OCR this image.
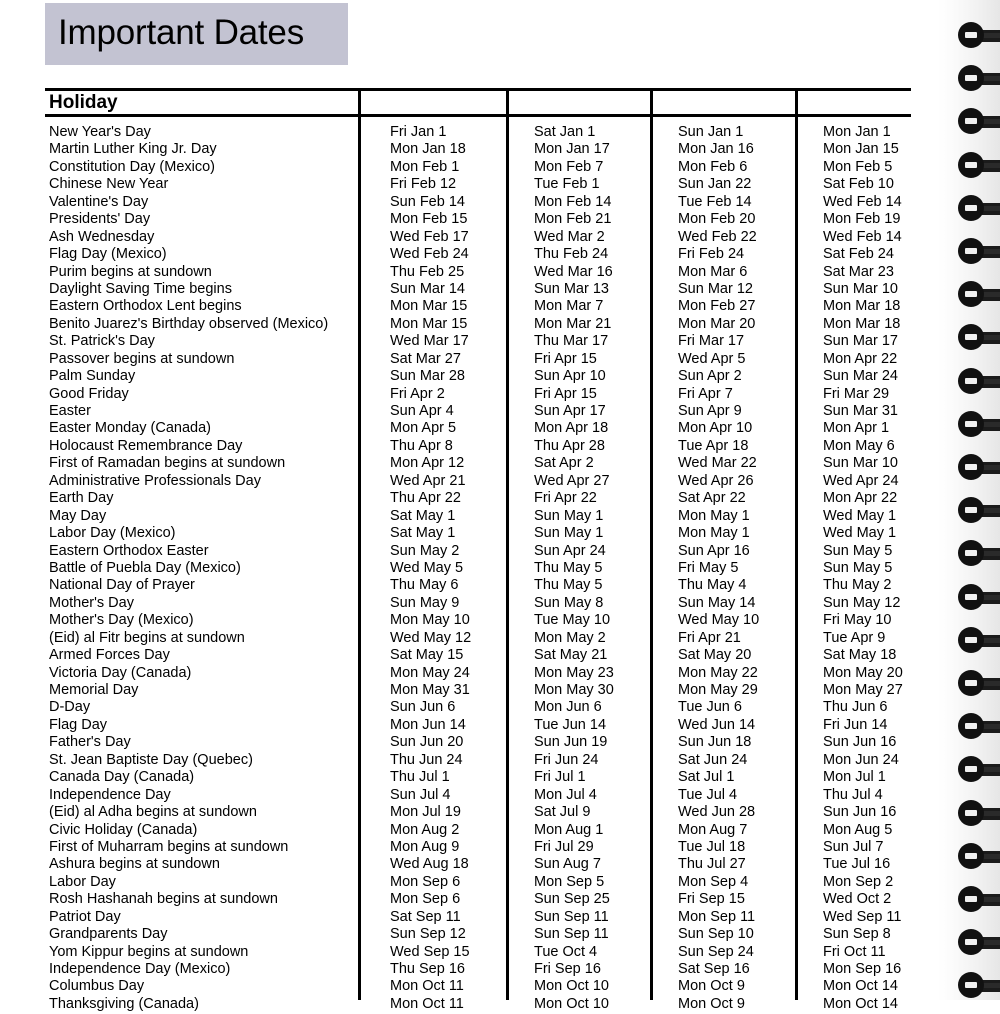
Important Dates
Holiday
New Year's Day	Fri Jan 1	Sat Jan 1	Sun Jan 1	Mon Jan 1
Martin Luther King Jr. Day	Mon Jan 18	Mon Jan 17	Mon Jan 16	Mon Jan 15
Constitution Day (Mexico)	Mon Feb 1	Mon Feb 7	Mon Feb 6	Mon Feb 5
Chinese New Year	Fri Feb 12	Tue Feb 1	Sun Jan 22	Sat Feb 10
Valentine's Day	Sun Feb 14	Mon Feb 14	Tue Feb 14	Wed Feb 14
Presidents' Day	Mon Feb 15	Mon Feb 21	Mon Feb 20	Mon Feb 19
Ash Wednesday	Wed Feb 17	Wed Mar 2	Wed Feb 22	Wed Feb 14
Flag Day (Mexico)	Wed Feb 24	Thu Feb 24	Fri Feb 24	Sat Feb 24
Purim begins at sundown	Thu Feb 25	Wed Mar 16	Mon Mar 6	Sat Mar 23
Daylight Saving Time begins	Sun Mar 14	Sun Mar 13	Sun Mar 12	Sun Mar 10
Eastern Orthodox Lent begins	Mon Mar 15	Mon Mar 7	Mon Feb 27	Mon Mar 18
Benito Juarez's Birthday observed (Mexico)	Mon Mar 15	Mon Mar 21	Mon Mar 20	Mon Mar 18
St. Patrick's Day	Wed Mar 17	Thu Mar 17	Fri Mar 17	Sun Mar 17
Passover begins at sundown	Sat Mar 27	Fri Apr 15	Wed Apr 5	Mon Apr 22
Palm Sunday	Sun Mar 28	Sun Apr 10	Sun Apr 2	Sun Mar 24
Good Friday	Fri Apr 2	Fri Apr 15	Fri Apr 7	Fri Mar 29
Easter	Sun Apr 4	Sun Apr 17	Sun Apr 9	Sun Mar 31
Easter Monday (Canada)	Mon Apr 5	Mon Apr 18	Mon Apr 10	Mon Apr 1
Holocaust Remembrance Day	Thu Apr 8	Thu Apr 28	Tue Apr 18	Mon May 6
First of Ramadan begins at sundown	Mon Apr 12	Sat Apr 2	Wed Mar 22	Sun Mar 10
Administrative Professionals Day	Wed Apr 21	Wed Apr 27	Wed Apr 26	Wed Apr 24
Earth Day	Thu Apr 22	Fri Apr 22	Sat Apr 22	Mon Apr 22
May Day	Sat May 1	Sun May 1	Mon May 1	Wed May 1
Labor Day (Mexico)	Sat May 1	Sun May 1	Mon May 1	Wed May 1
Eastern Orthodox Easter	Sun May 2	Sun Apr 24	Sun Apr 16	Sun May 5
Battle of Puebla Day (Mexico)	Wed May 5	Thu May 5	Fri May 5	Sun May 5
National Day of Prayer	Thu May 6	Thu May 5	Thu May 4	Thu May 2
Mother's Day	Sun May 9	Sun May 8	Sun May 14	Sun May 12
Mother's Day (Mexico)	Mon May 10	Tue May 10	Wed May 10	Fri May 10
(Eid) al Fitr begins at sundown	Wed May 12	Mon May 2	Fri Apr 21	Tue Apr 9
Armed Forces Day	Sat May 15	Sat May 21	Sat May 20	Sat May 18
Victoria Day (Canada)	Mon May 24	Mon May 23	Mon May 22	Mon May 20
Memorial Day	Mon May 31	Mon May 30	Mon May 29	Mon May 27
D-Day	Sun Jun 6	Mon Jun 6	Tue Jun 6	Thu Jun 6
Flag Day	Mon Jun 14	Tue Jun 14	Wed Jun 14	Fri Jun 14
Father's Day	Sun Jun 20	Sun Jun 19	Sun Jun 18	Sun Jun 16
St. Jean Baptiste Day (Quebec)	Thu Jun 24	Fri Jun 24	Sat Jun 24	Mon Jun 24
Canada Day (Canada)	Thu Jul 1	Fri Jul 1	Sat Jul 1	Mon Jul 1
Independence Day	Sun Jul 4	Mon Jul 4	Tue Jul 4	Thu Jul 4
(Eid) al Adha begins at sundown	Mon Jul 19	Sat Jul 9	Wed Jun 28	Sun Jun 16
Civic Holiday (Canada)	Mon Aug 2	Mon Aug 1	Mon Aug 7	Mon Aug 5
First of Muharram begins at sundown	Mon Aug 9	Fri Jul 29	Tue Jul 18	Sun Jul 7
Ashura begins at sundown	Wed Aug 18	Sun Aug 7	Thu Jul 27	Tue Jul 16
Labor Day	Mon Sep 6	Mon Sep 5	Mon Sep 4	Mon Sep 2
Rosh Hashanah begins at sundown	Mon Sep 6	Sun Sep 25	Fri Sep 15	Wed Oct 2
Patriot Day	Sat Sep 11	Sun Sep 11	Mon Sep 11	Wed Sep 11
Grandparents Day	Sun Sep 12	Sun Sep 11	Sun Sep 10	Sun Sep 8
Yom Kippur begins at sundown	Wed Sep 15	Tue Oct 4	Sun Sep 24	Fri Oct 11
Independence Day (Mexico)	Thu Sep 16	Fri Sep 16	Sat Sep 16	Mon Sep 16
Columbus Day	Mon Oct 11	Mon Oct 10	Mon Oct 9	Mon Oct 14
Thanksgiving (Canada)	Mon Oct 11	Mon Oct 10	Mon Oct 9	Mon Oct 14
